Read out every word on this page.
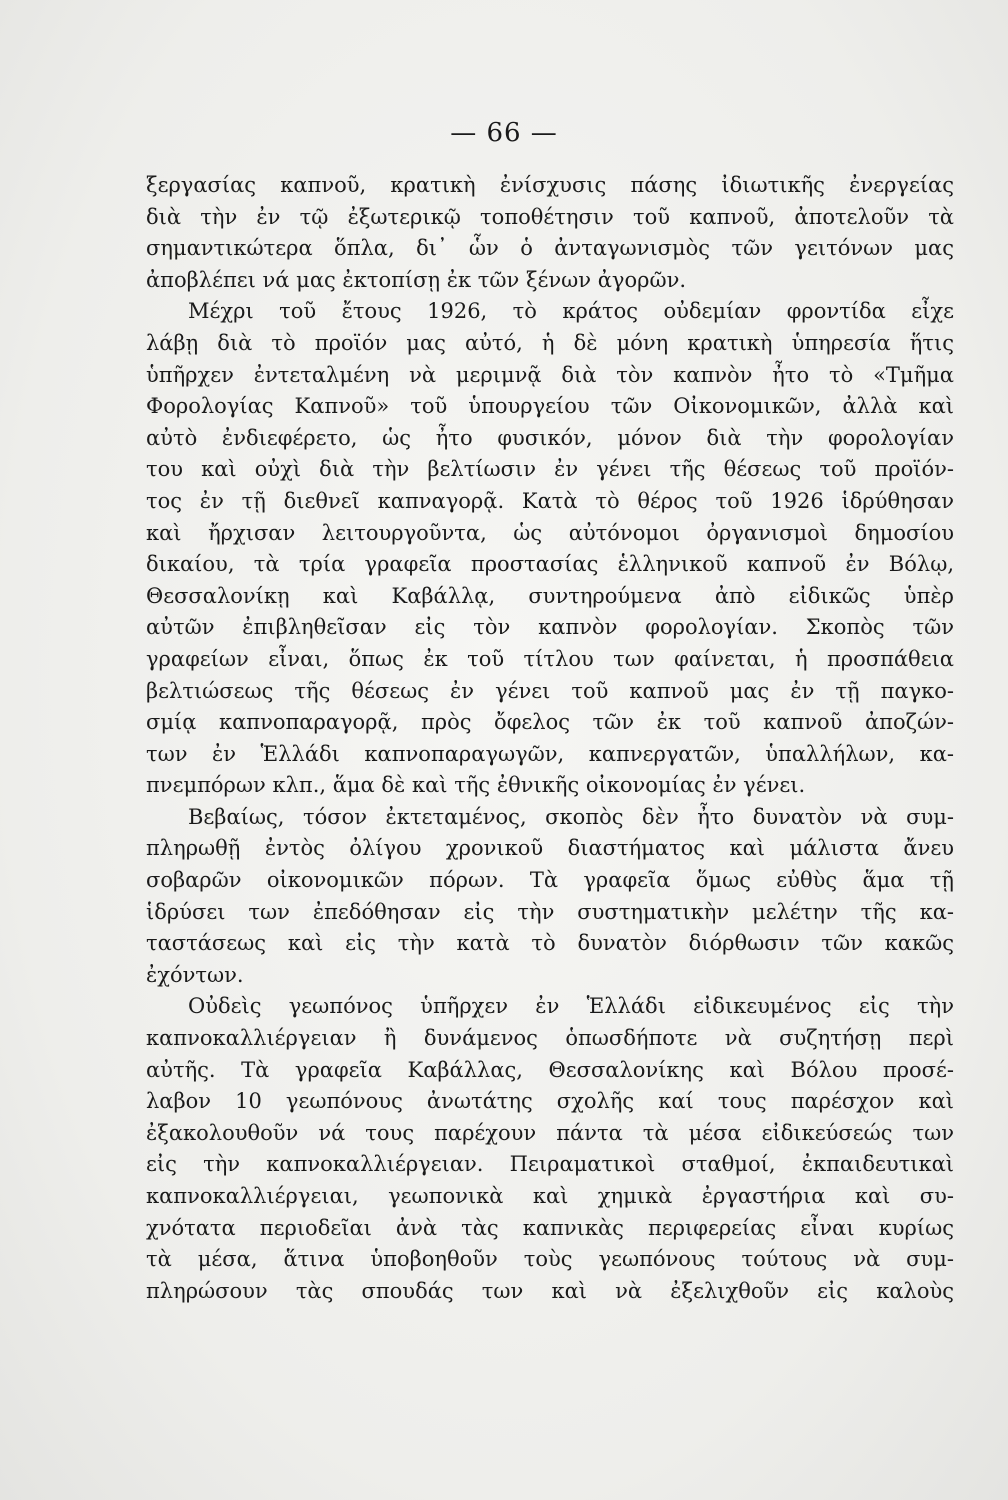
— 66 —
ξεργασίας καπνοῦ, κρατικὴ ἐνίσχυσις πάσης ἰδιωτικῆς ἐνεργείας
διὰ τὴν ἐν τῷ ἐξωτερικῷ τοποθέτησιν τοῦ καπνοῦ, ἀποτελοῦν τὰ
σημαντικώτερα ὅπλα, δι᾽ ὧν ὁ ἀνταγωνισμὸς τῶν γειτόνων μας
ἀποβλέπει νά μας ἐκτοπίσῃ ἐκ τῶν ξένων ἀγορῶν.
Μέχρι τοῦ ἔτους 1926, τὸ κράτος οὐδεμίαν φροντίδα εἶχε
λάβῃ διὰ τὸ προϊόν μας αὐτό, ἡ δὲ μόνη κρατικὴ ὑπηρεσία ἥτις
ὑπῆρχεν ἐντεταλμένη νὰ μεριμνᾷ διὰ τὸν καπνὸν ἦτο τὸ «Τμῆμα
Φορολογίας Καπνοῦ» τοῦ ὑπουργείου τῶν Οἰκονομικῶν, ἀλλὰ καὶ
αὐτὸ ἐνδιεφέρετο, ὡς ἦτο φυσικόν, μόνον διὰ τὴν φορολογίαν
του καὶ οὐχὶ διὰ τὴν βελτίωσιν ἐν γένει τῆς θέσεως τοῦ προϊόν-
τος ἐν τῇ διεθνεῖ καπναγορᾷ. Κατὰ τὸ θέρος τοῦ 1926 ἱδρύθησαν
καὶ ἤρχισαν λειτουργοῦντα, ὡς αὐτόνομοι ὀργανισμοὶ δημοσίου
δικαίου, τὰ τρία γραφεῖα προστασίας ἑλληνικοῦ καπνοῦ ἐν Βόλῳ,
Θεσσαλονίκῃ καὶ Καβάλλᾳ, συντηρούμενα ἀπὸ εἰδικῶς ὑπὲρ
αὐτῶν ἐπιβληθεῖσαν εἰς τὸν καπνὸν φορολογίαν. Σκοπὸς τῶν
γραφείων εἶναι, ὅπως ἐκ τοῦ τίτλου των φαίνεται, ἡ προσπάθεια
βελτιώσεως τῆς θέσεως ἐν γένει τοῦ καπνοῦ μας ἐν τῇ παγκο-
σμίᾳ καπνοπαραγορᾷ, πρὸς ὄφελος τῶν ἐκ τοῦ καπνοῦ ἀποζών-
των ἐν Ἑλλάδι καπνοπαραγωγῶν, καπνεργατῶν, ὑπαλλήλων, κα-
πνεμπόρων κλπ., ἅμα δὲ καὶ τῆς ἐθνικῆς οἰκονομίας ἐν γένει.
Βεβαίως, τόσον ἐκτεταμένος, σκοπὸς δὲν ἦτο δυνατὸν νὰ συμ-
πληρωθῇ ἐντὸς ὀλίγου χρονικοῦ διαστήματος καὶ μάλιστα ἄνευ
σοβαρῶν οἰκονομικῶν πόρων. Τὰ γραφεῖα ὅμως εὐθὺς ἅμα τῇ
ἱδρύσει των ἐπεδόθησαν εἰς τὴν συστηματικὴν μελέτην τῆς κα-
ταστάσεως καὶ εἰς τὴν κατὰ τὸ δυνατὸν διόρθωσιν τῶν κακῶς
ἐχόντων.
Οὐδεὶς γεωπόνος ὑπῆρχεν ἐν Ἑλλάδι εἰδικευμένος εἰς τὴν
καπνοκαλλιέργειαν ἢ δυνάμενος ὁπωσδήποτε νὰ συζητήσῃ περὶ
αὐτῆς. Τὰ γραφεῖα Καβάλλας, Θεσσαλονίκης καὶ Βόλου προσέ-
λαβον 10 γεωπόνους ἀνωτάτης σχολῆς καί τους παρέσχον καὶ
ἐξακολουθοῦν νά τους παρέχουν πάντα τὰ μέσα εἰδικεύσεώς των
εἰς τὴν καπνοκαλλιέργειαν. Πειραματικοὶ σταθμοί, ἐκπαιδευτικαὶ
καπνοκαλλιέργειαι, γεωπονικὰ καὶ χημικὰ ἐργαστήρια καὶ συ-
χνότατα περιοδεῖαι ἀνὰ τὰς καπνικὰς περιφερείας εἶναι κυρίως
τὰ μέσα, ἅτινα ὑποβοηθοῦν τοὺς γεωπόνους τούτους νὰ συμ-
πληρώσουν τὰς σπουδάς των καὶ νὰ ἐξελιχθοῦν εἰς καλοὺς
